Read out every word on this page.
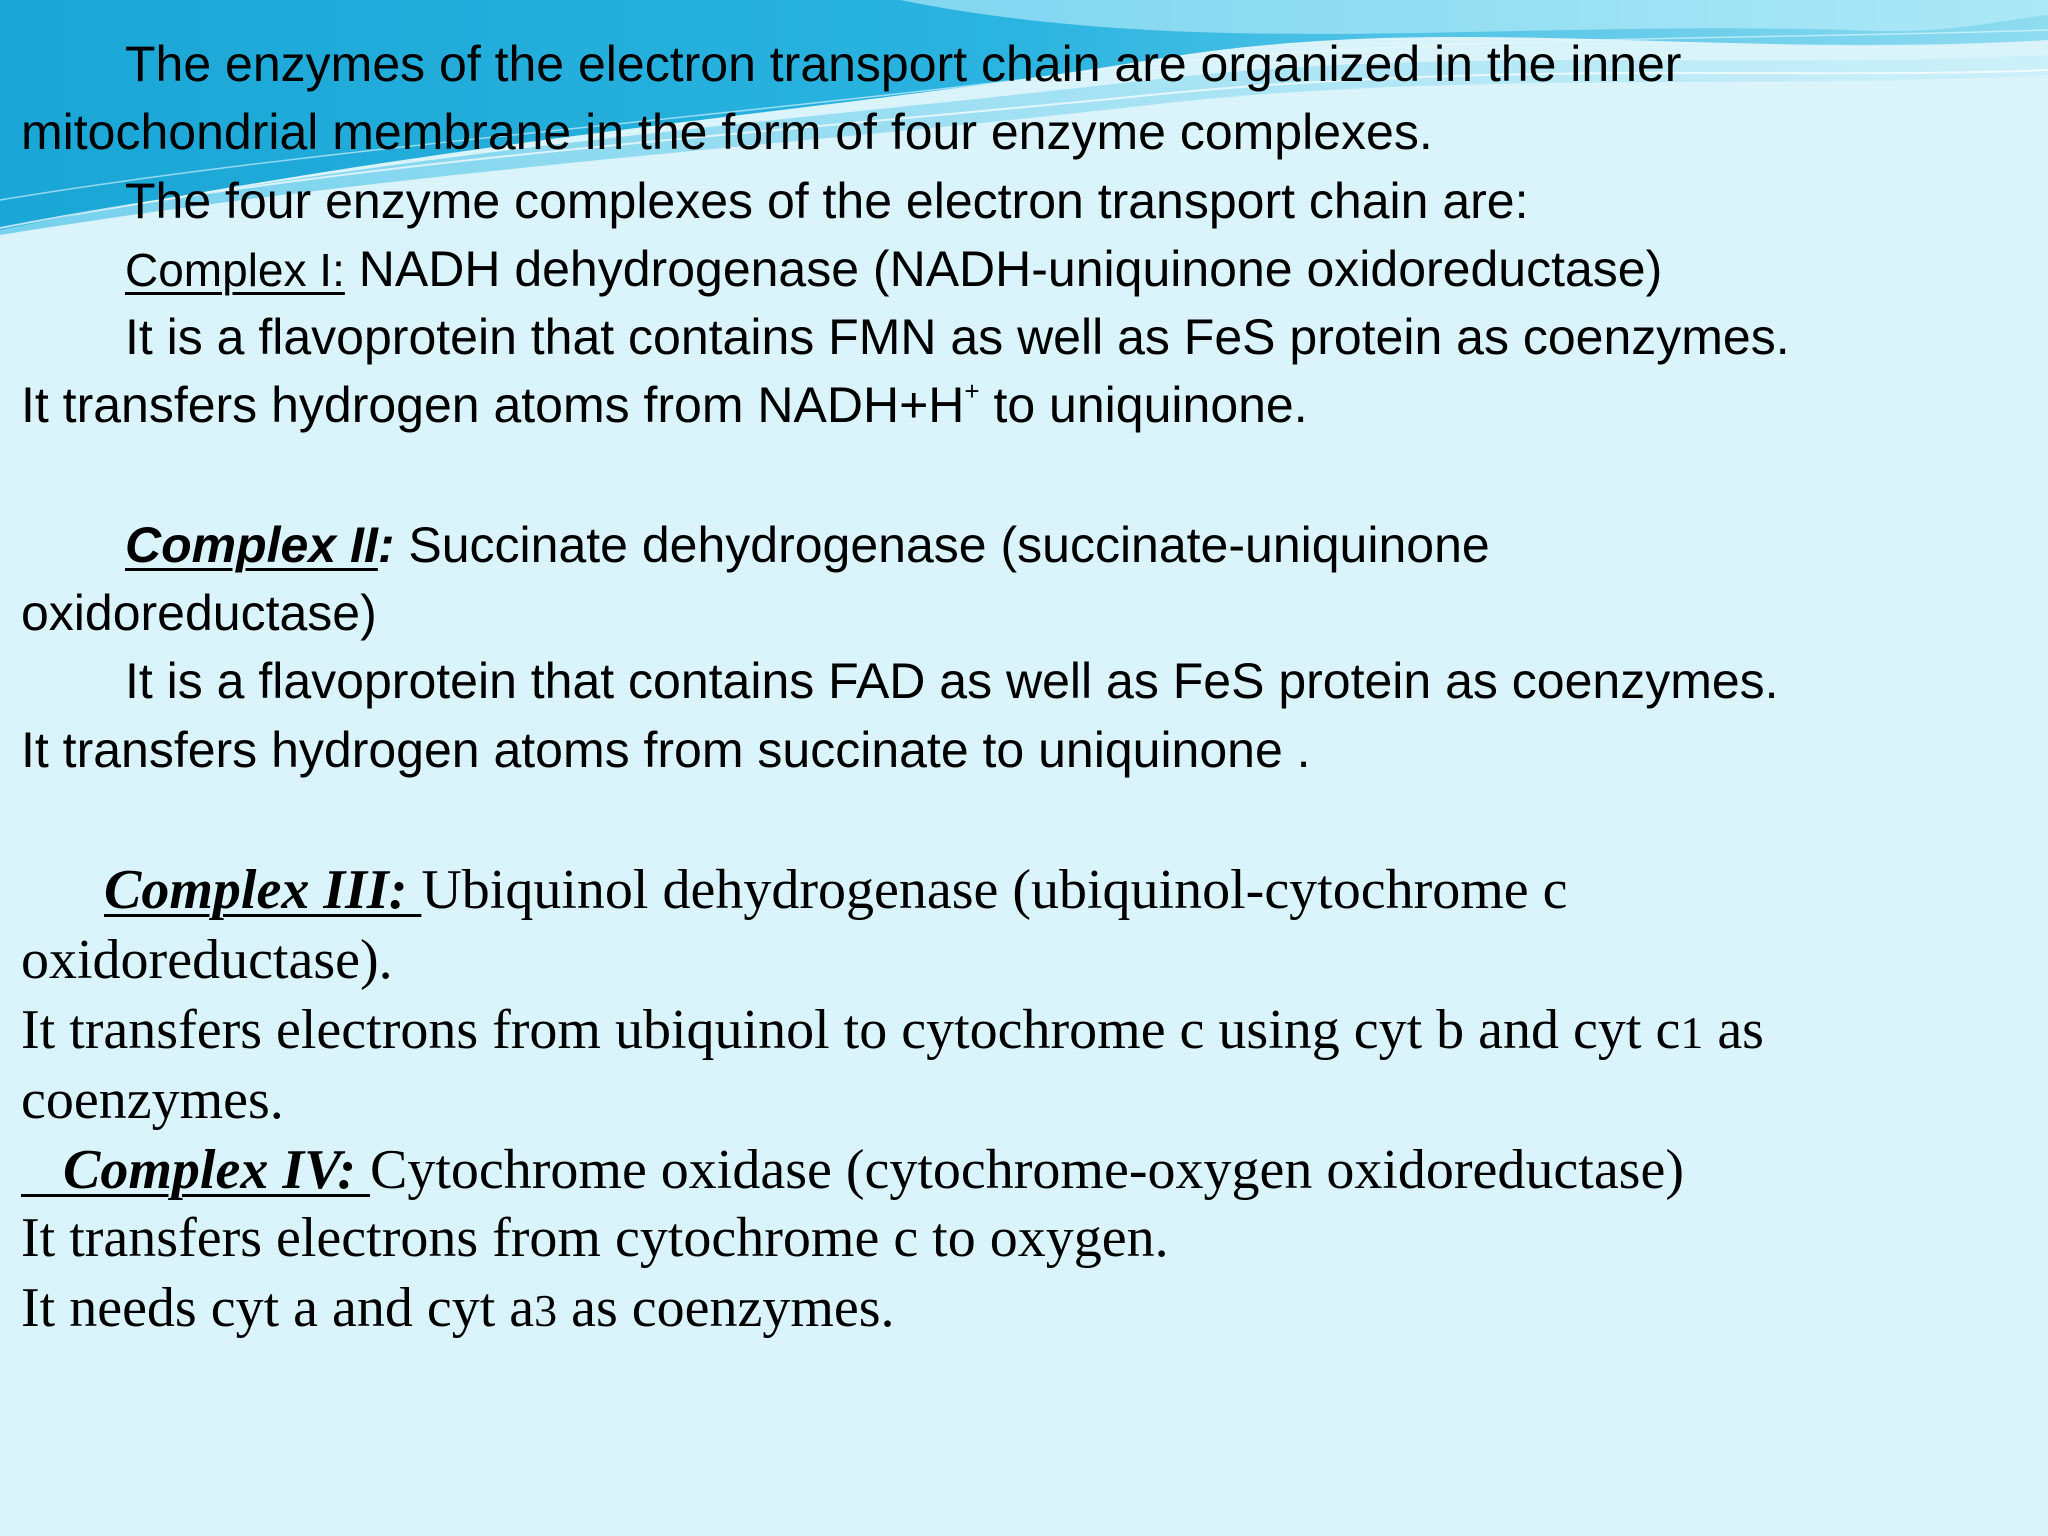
The enzymes of the electron transport chain are organized in the inner
mitochondrial membrane in the form of four enzyme complexes.
The four enzyme complexes of the electron transport chain are:
Complex I: NADH dehydrogenase (NADH-uniquinone oxidoreductase)
It is a flavoprotein that contains FMN as well as FeS protein as coenzymes.
It transfers hydrogen atoms from NADH+H+ to uniquinone.
Complex II: Succinate dehydrogenase (succinate-uniquinone
oxidoreductase)
It is a flavoprotein that contains FAD as well as FeS protein as coenzymes.
It transfers hydrogen atoms from succinate to uniquinone .
Complex III: Ubiquinol dehydrogenase (ubiquinol-cytochrome c
oxidoreductase).
It transfers electrons from ubiquinol to cytochrome c using cyt b and cyt c1 as
coenzymes.
Complex IV: Cytochrome oxidase (cytochrome-oxygen oxidoreductase)
It transfers electrons from cytochrome c to oxygen.
It needs cyt a and cyt a3 as coenzymes.
